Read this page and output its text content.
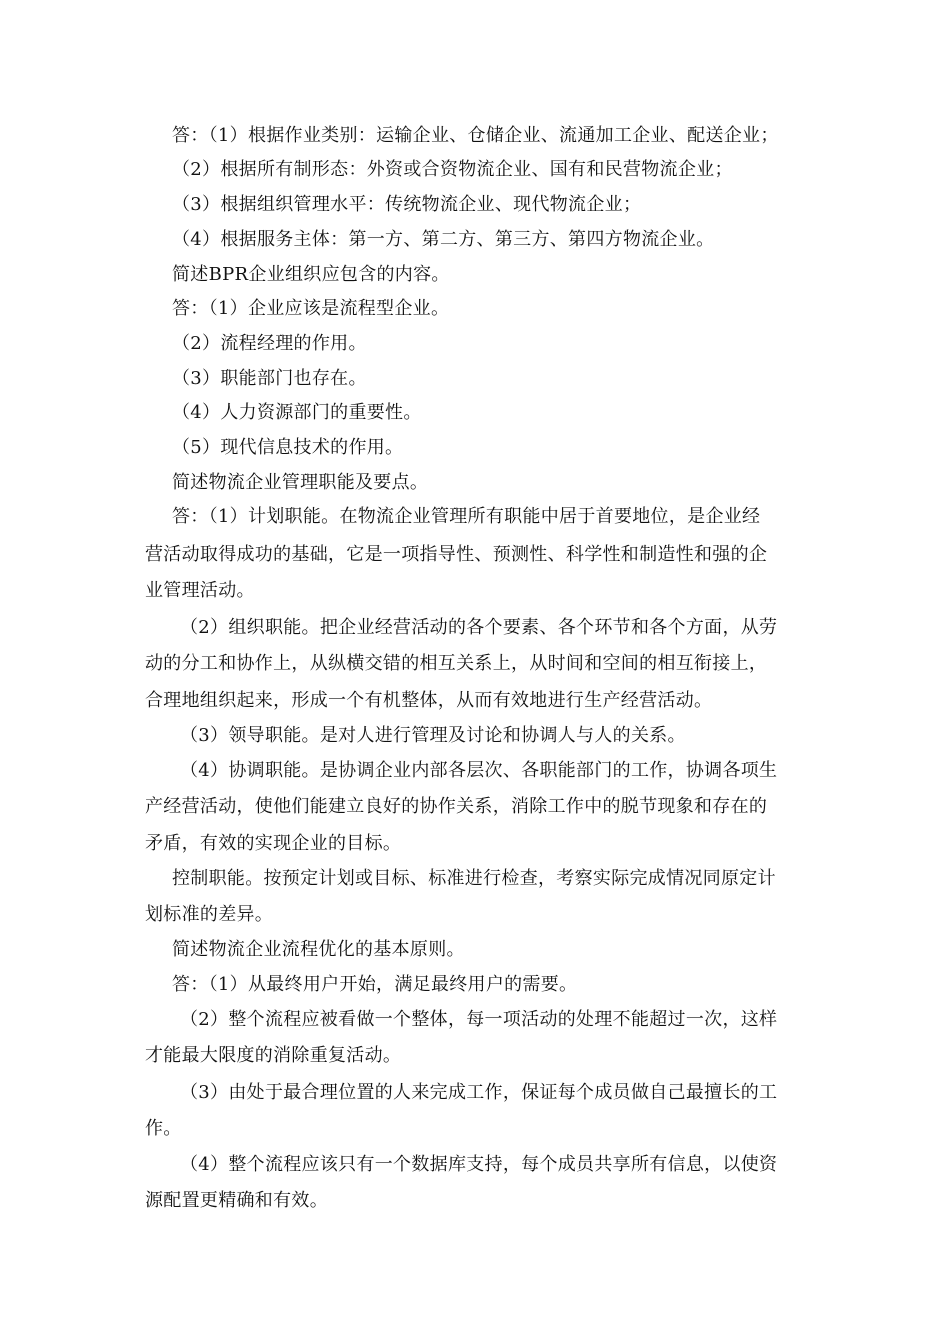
答：（1）根据作业类别：运输企业、仓储企业、流通加工企业、配送企业；
（2）根据所有制形态：外资或合资物流企业、国有和民营物流企业；
（3）根据组织管理水平：传统物流企业、现代物流企业；
（4）根据服务主体：第一方、第二方、第三方、第四方物流企业。
简述BPR企业组织应包含的内容。
答：（1）企业应该是流程型企业。
（2）流程经理的作用。
（3）职能部门也存在。
（4）人力资源部门的重要性。
（5）现代信息技术的作用。
简述物流企业管理职能及要点。
答：（1）计划职能。在物流企业管理所有职能中居于首要地位，是企业经
营活动取得成功的基础，它是一项指导性、预测性、科学性和制造性和强的企
业管理活动。
（2）组织职能。把企业经营活动的各个要素、各个环节和各个方面，从劳
动的分工和协作上，从纵横交错的相互关系上，从时间和空间的相互衔接上，
合理地组织起来，形成一个有机整体，从而有效地进行生产经营活动。
（3）领导职能。是对人进行管理及讨论和协调人与人的关系。
（4）协调职能。是协调企业内部各层次、各职能部门的工作，协调各项生
产经营活动，使他们能建立良好的协作关系，消除工作中的脱节现象和存在的
矛盾，有效的实现企业的目标。
控制职能。按预定计划或目标、标准进行检查，考察实际完成情况同原定计
划标准的差异。
简述物流企业流程优化的基本原则。
答：（1）从最终用户开始，满足最终用户的需要。
（2）整个流程应被看做一个整体，每一项活动的处理不能超过一次，这样
才能最大限度的消除重复活动。
（3）由处于最合理位置的人来完成工作，保证每个成员做自己最擅长的工
作。
（4）整个流程应该只有一个数据库支持，每个成员共享所有信息，以使资
源配置更精确和有效。
